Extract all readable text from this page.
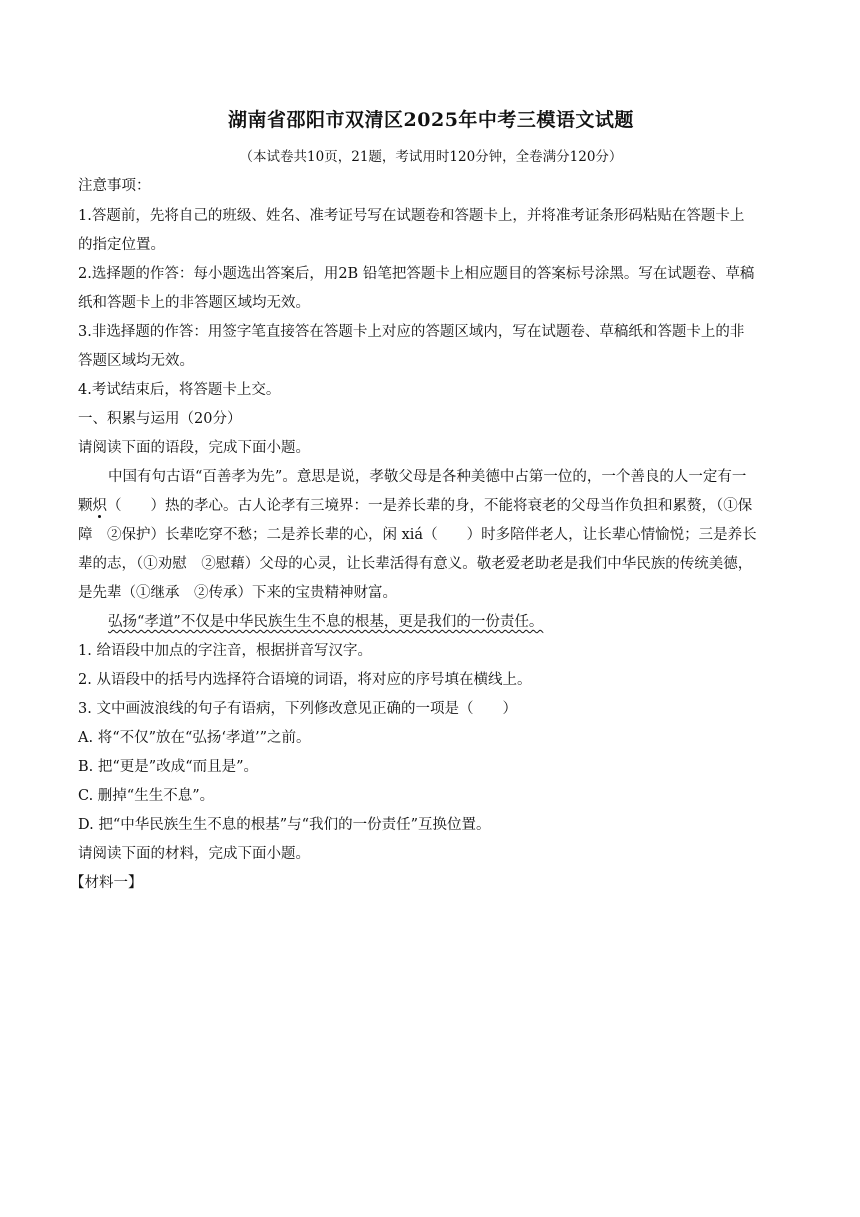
湖南省邵阳市双清区2025年中考三模语文试题
（本试卷共10页，21题，考试用时120分钟，全卷满分120分）
注意事项：
1.答题前，先将自己的班级、姓名、准考证号写在试题卷和答题卡上，并将准考证条形码粘贴在答题卡上
的指定位置。
2.选择题的作答：每小题选出答案后，用2B 铅笔把答题卡上相应题目的答案标号涂黑。写在试题卷、草稿
纸和答题卡上的非答题区域均无效。
3.非选择题的作答：用签字笔直接答在答题卡上对应的答题区域内，写在试题卷、草稿纸和答题卡上的非
答题区域均无效。
4.考试结束后，将答题卡上交。
一、积累与运用（20分）
请阅读下面的语段，完成下面小题。
中国有句古语“百善孝为先”。意思是说，孝敬父母是各种美德中占第一位的，一个善良的人一定有一
颗炽（　　）热的孝心。古人论孝有三境界：一是养长辈的身，不能将衰老的父母当作负担和累赘，（①保
障　②保护）长辈吃穿不愁；二是养长辈的心，闲 xiá（　　）时多陪伴老人，让长辈心情愉悦；三是养长
辈的志，（①劝慰　②慰藉）父母的心灵，让长辈活得有意义。敬老爱老助老是我们中华民族的传统美德，
是先辈（①继承　②传承）下来的宝贵精神财富。
弘扬“孝道”不仅是中华民族生生不息的根基，更是我们的一份责任。
1. 给语段中加点的字注音，根据拼音写汉字。
2. 从语段中的括号内选择符合语境的词语，将对应的序号填在横线上。
3. 文中画波浪线的句子有语病，下列修改意见正确的一项是（　　）
A. 将“不仅”放在“弘扬‘孝道’”之前。
B. 把“更是”改成“而且是”。
C. 删掉“生生不息”。
D. 把“中华民族生生不息的根基”与“我们的一份责任”互换位置。
请阅读下面的材料，完成下面小题。
【材料一】
